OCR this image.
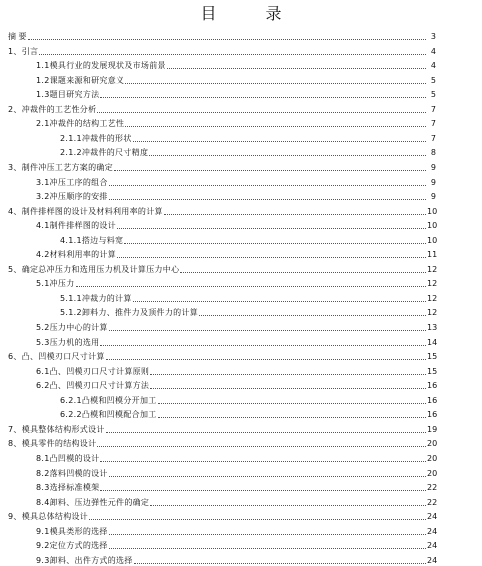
目 录
摘 要	3
1、引言	4
1.1模具行业的发展现状及市场前景	4
1.2课题来源和研究意义	5
1.3题目研究方法	5
2、冲裁件的工艺性分析	7
2.1冲裁件的结构工艺性	7
2.1.1冲裁件的形状	7
2.1.2冲裁件的尺寸精度	8
3、制件冲压工艺方案的确定	9
3.1冲压工序的组合	9
3.2冲压顺序的安排	9
4、制件排样图的设计及材料利用率的计算	10
4.1制件排样图的设计	10
4.1.1搭边与料宽	10
4.2材料利用率的计算	11
5、确定总冲压力和选用压力机及计算压力中心	12
5.1冲压力	12
5.1.1冲裁力的计算	12
5.1.2卸料力、推件力及顶件力的计算	12
5.2压力中心的计算	13
5.3压力机的选用	14
6、凸、凹模刃口尺寸计算	15
6.1凸、凹模刃口尺寸计算原则	15
6.2凸、凹模刃口尺寸计算方法	16
6.2.1凸模和凹模分开加工	16
6.2.2凸模和凹模配合加工	16
7、模具整体结构形式设计	19
8、模具零件的结构设计	20
8.1凸凹模的设计	20
8.2落料凹模的设计	20
8.3选择标准模架	22
8.4卸料、压边弹性元件的确定	22
9、模具总体结构设计	24
9.1模具类形的选择	24
9.2定位方式的选择	24
9.3卸料、出件方式的选择	24
